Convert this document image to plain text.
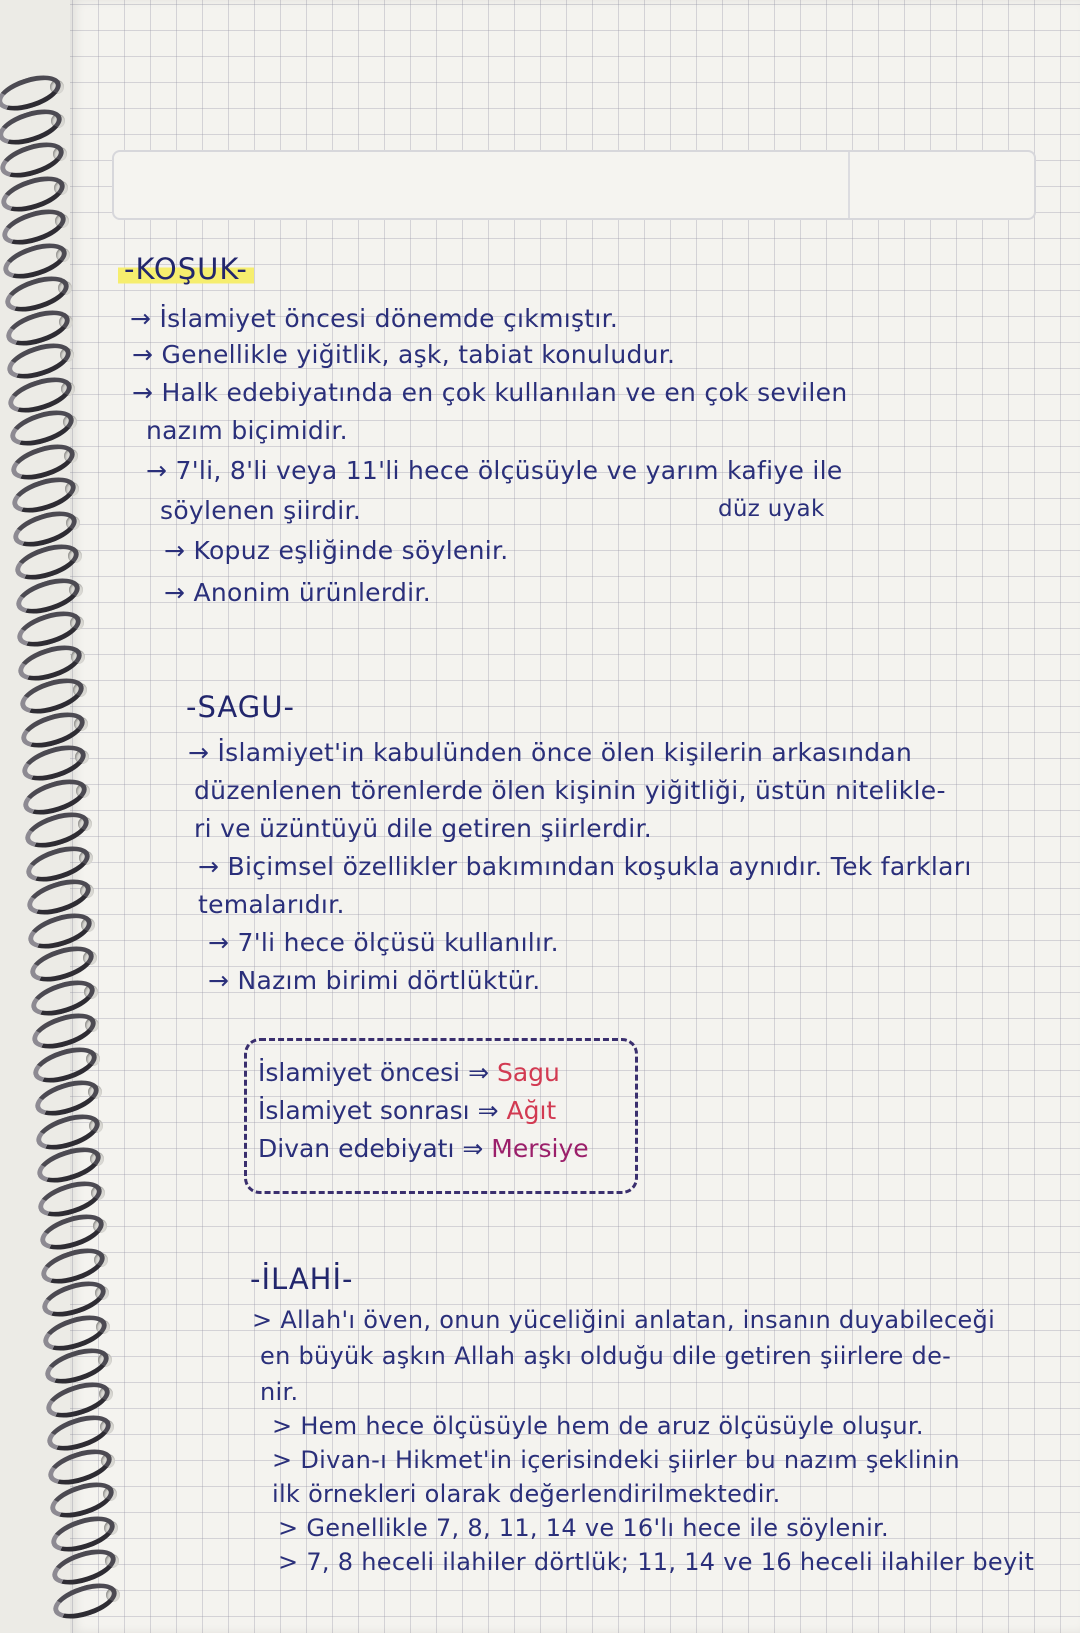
-KOŞUK-
→ İslamiyet öncesi dönemde çıkmıştır.
→ Genellikle yiğitlik, aşk, tabiat konuludur.
→ Halk edebiyatında en çok kullanılan ve en çok sevilen
nazım biçimidir.
→ 7'li, 8'li veya 11'li hece ölçüsüyle ve yarım kafiye ile
söylenen şiirdir.	düz uyak
→ Kopuz eşliğinde söylenir.
→ Anonim ürünlerdir.
-SAGU-
→ İslamiyet'in kabulünden önce ölen kişilerin arkasından
düzenlenen törenlerde ölen kişinin yiğitliği, üstün nitelikle-
ri ve üzüntüyü dile getiren şiirlerdir.
→ Biçimsel özellikler bakımından koşukla aynıdır. Tek farkları
temalarıdır.
→ 7'li hece ölçüsü kullanılır.
→ Nazım birimi dörtlüktür.
İslamiyet öncesi ⇒ Sagu
İslamiyet sonrası ⇒ Ağıt
Divan edebiyatı ⇒ Mersiye
-İLAHİ-
> Allah'ı öven, onun yüceliğini anlatan, insanın duyabileceği
en büyük aşkın Allah aşkı olduğu dile getiren şiirlere de-
nir.
> Hem hece ölçüsüyle hem de aruz ölçüsüyle oluşur.
> Divan-ı Hikmet'in içerisindeki şiirler bu nazım şeklinin
ilk örnekleri olarak değerlendirilmektedir.
> Genellikle 7, 8, 11, 14 ve 16'lı hece ile söylenir.
> 7, 8 heceli ilahiler dörtlük; 11, 14 ve 16 heceli ilahiler beyit
